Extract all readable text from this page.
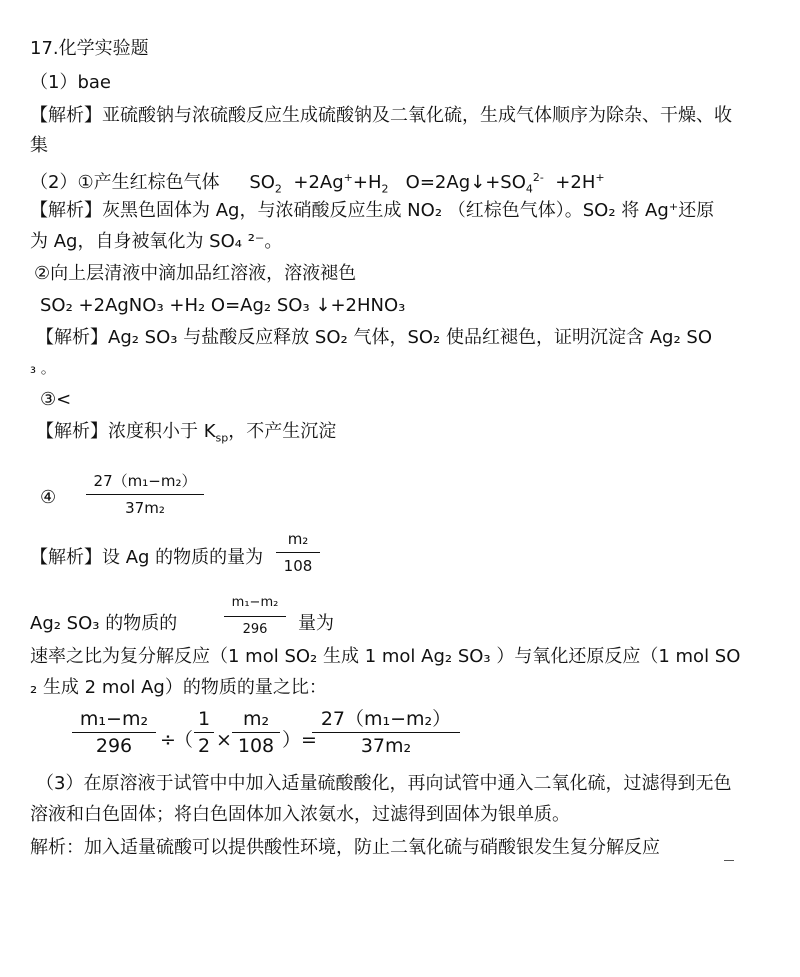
17.化学实验题
（1）bae
【解析】亚硫酸钠与浓硫酸反应生成硫酸钠及二氧化硫，生成气体顺序为除杂、干燥、收
集
（2）①产生红棕色气体 $SO_2 +2Ag^++H_2$ $O=2Ag↓+SO_4^{2-} +2H^+$
【解析】灰黑色固体为 Ag，与浓硝酸反应生成 NO₂ （红棕色气体）。SO₂ 将 Ag⁺还原
为 Ag，自身被氧化为 SO₄ ²⁻。
②向上层清液中滴加品红溶液，溶液褪色
SO₂ +2AgNO₃ +H₂ O=Ag₂ SO₃ ↓+2HNO₃
【解析】Ag₂ SO₃ 与盐酸反应释放 SO₂ 气体，SO₂ 使品红褪色，证明沉淀含 Ag₂ SO
₃ 。
③<
【解析】浓度积小于 $K_{sp}$，不产生沉淀
④
27（m₁−m₂）
37m₂
【解析】设 Ag 的物质的量为
m₂
108
Ag₂ SO₃ 的物质的
m₁−m₂
296	量为
速率之比为复分解反应（1 mol SO₂ 生成 1 mol Ag₂ SO₃ ）与氧化还原反应（1 mol SO
₂ 生成 2 mol Ag）的物质的量之比：
m₁−m₂
296	÷
（
1
2 ×
m₂
108 ）=
27（m₁−m₂）
37m₂
（3）在原溶液于试管中中加入适量硫酸酸化，再向试管中通入二氧化硫，过滤得到无色
溶液和白色固体；将白色固体加入浓氨水，过滤得到固体为银单质。
解析：加入适量硫酸可以提供酸性环境，防止二氧化硫与硝酸银发生复分解反应
